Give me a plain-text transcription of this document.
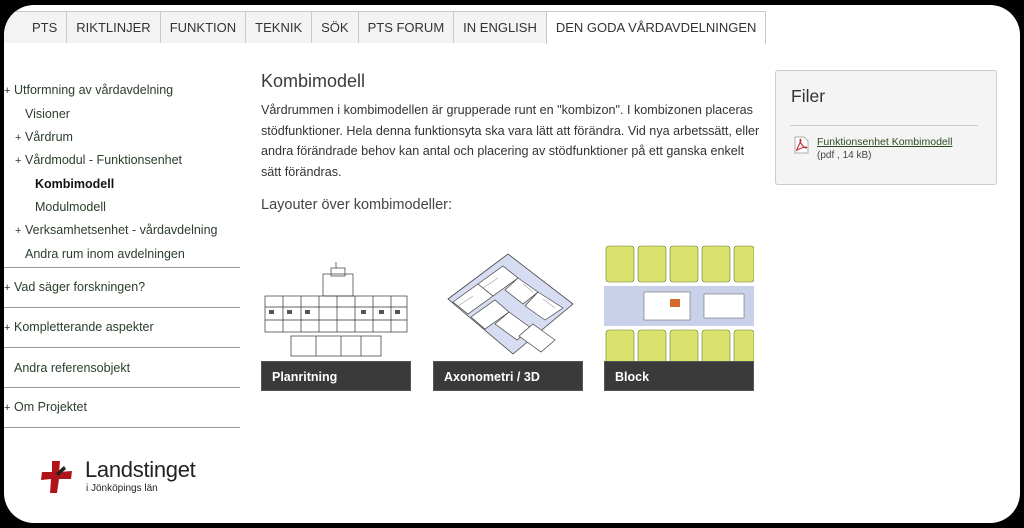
PTS	RIKTLINJER	FUNKTION	TEKNIK	SÖK	PTS FORUM	IN ENGLISH	DEN GODA VÅRDAVDELNINGEN
+ Utformning av vårdavdelning
Visioner
+ Vårdrum
+ Vårdmodul - Funktionsenhet
Kombimodell
Modulmodell
+ Verksamhetsenhet - vårdavdelning
Andra rum inom avdelningen
+ Vad säger forskningen?
+ Kompletterande aspekter
Andra referensobjekt
+ Om Projektet
Landstinget
i Jönköpings län
Kombimodell

Vårdrummen i kombimodellen är grupperade runt en "kombizon". I kombizonen placeras stödfunktioner. Hela denna funktionsyta ska vara lätt att förändra. Vid nya arbetssätt, eller andra förändrade behov kan antal och placering av stödfunktioner på ett ganska enkelt sätt förändras.

Layouter över kombimodeller:
Planritning	Axonometri / 3D	Block
Filer
Funktionsenhet Kombimodell
(pdf , 14 kB)
